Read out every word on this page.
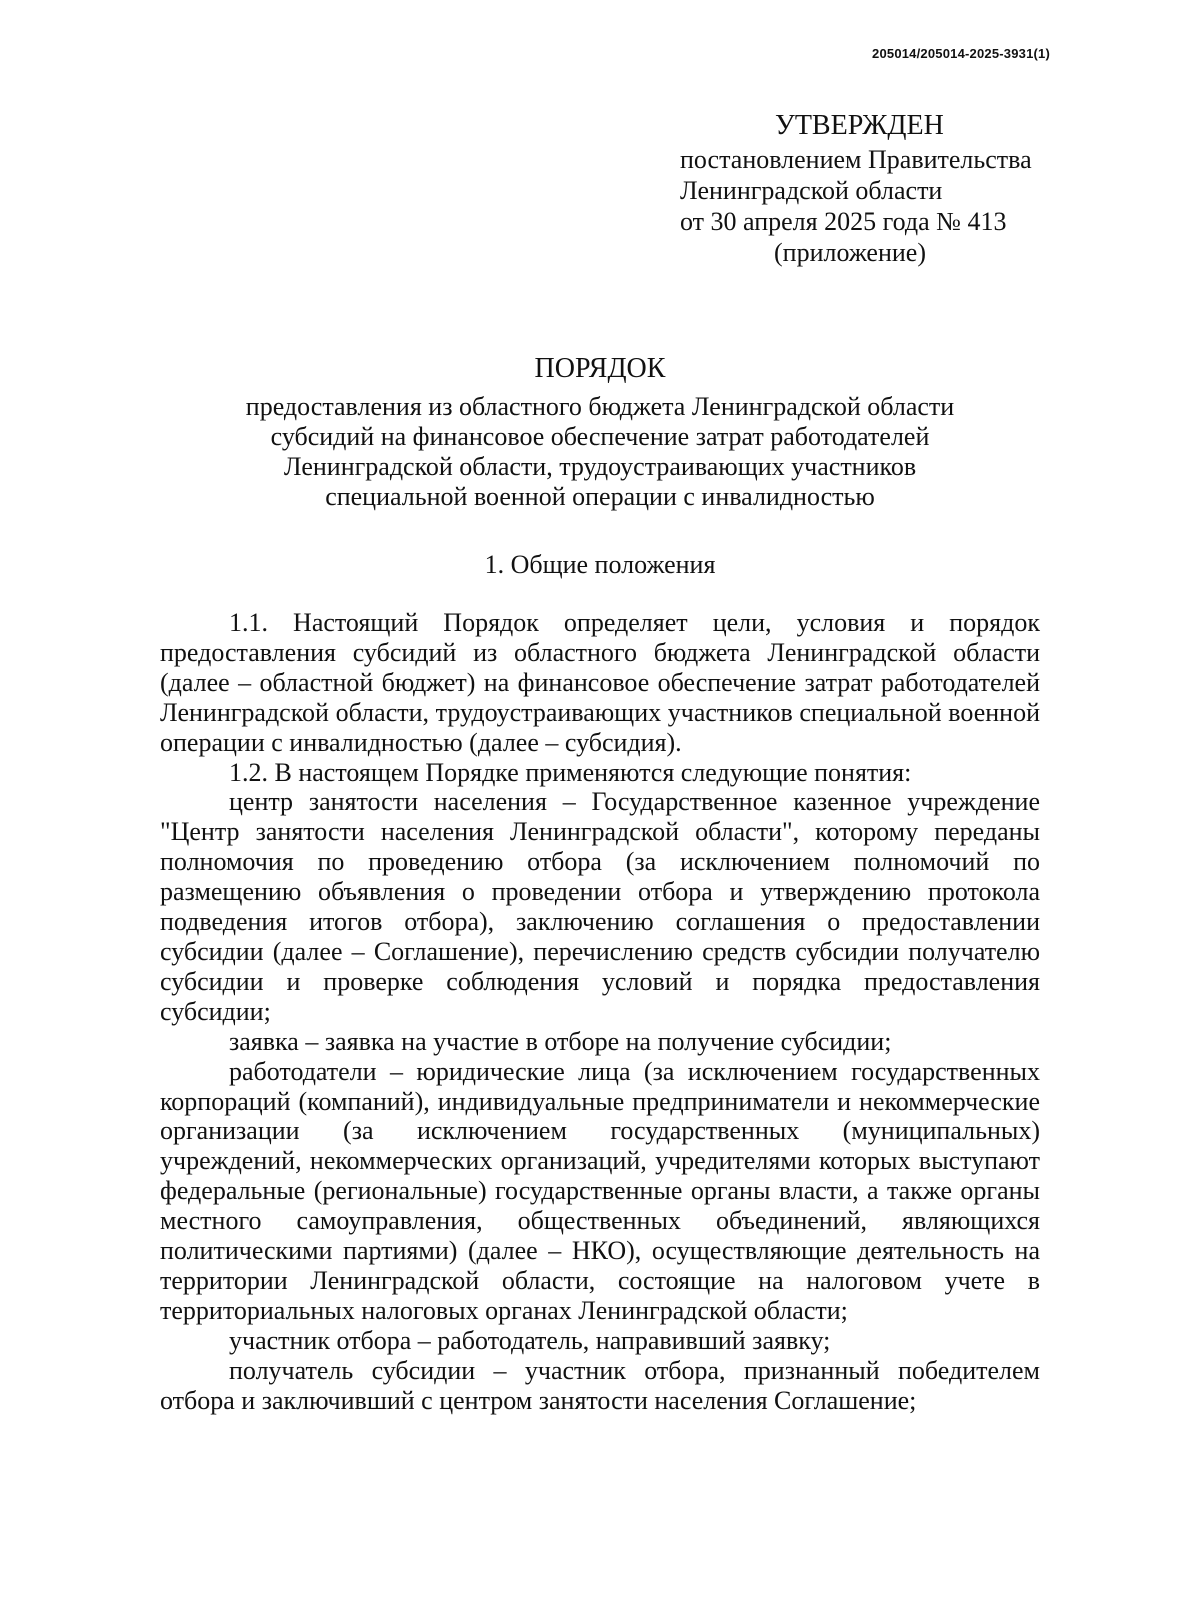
205014/205014-2025-3931(1)
УТВЕРЖДЕН
постановлением Правительства
Ленинградской области
от 30 апреля 2025 года № 413
(приложение)
ПОРЯДОК
предоставления из областного бюджета Ленинградской области
субсидий на финансовое обеспечение затрат работодателей
Ленинградской области, трудоустраивающих участников
специальной военной операции с инвалидностью
1. Общие положения

1.1. Настоящий Порядок определяет цели, условия и порядок предоставления субсидий из областного бюджета Ленинградской области (далее – областной бюджет) на финансовое обеспечение затрат работодателей Ленинградской области, трудоустраивающих участников специальной военной операции с инвалидностью (далее – субсидия).

1.2. В настоящем Порядке применяются следующие понятия:

центр занятости населения – Государственное казенное учреждение "Центр занятости населения Ленинградской области", которому переданы полномочия по проведению отбора (за исключением полномочий по размещению объявления о проведении отбора и утверждению протокола подведения итогов отбора), заключению соглашения о предоставлении субсидии (далее – Соглашение), перечислению средств субсидии получателю субсидии и проверке соблюдения условий и порядка предоставления субсидии;

заявка – заявка на участие в отборе на получение субсидии;

работодатели – юридические лица (за исключением государственных корпораций (компаний), индивидуальные предприниматели и некоммерческие организации (за исключением государственных (муниципальных) учреждений, некоммерческих организаций, учредителями которых выступают федеральные (региональные) государственные органы власти, а также органы местного самоуправления, общественных объединений, являющихся политическими партиями) (далее – НКО), осуществляющие деятельность на территории Ленинградской области, состоящие на налоговом учете в территориальных налоговых органах Ленинградской области;

участник отбора – работодатель, направивший заявку;

получатель субсидии – участник отбора, признанный победителем отбора и заключивший с центром занятости населения Соглашение;
